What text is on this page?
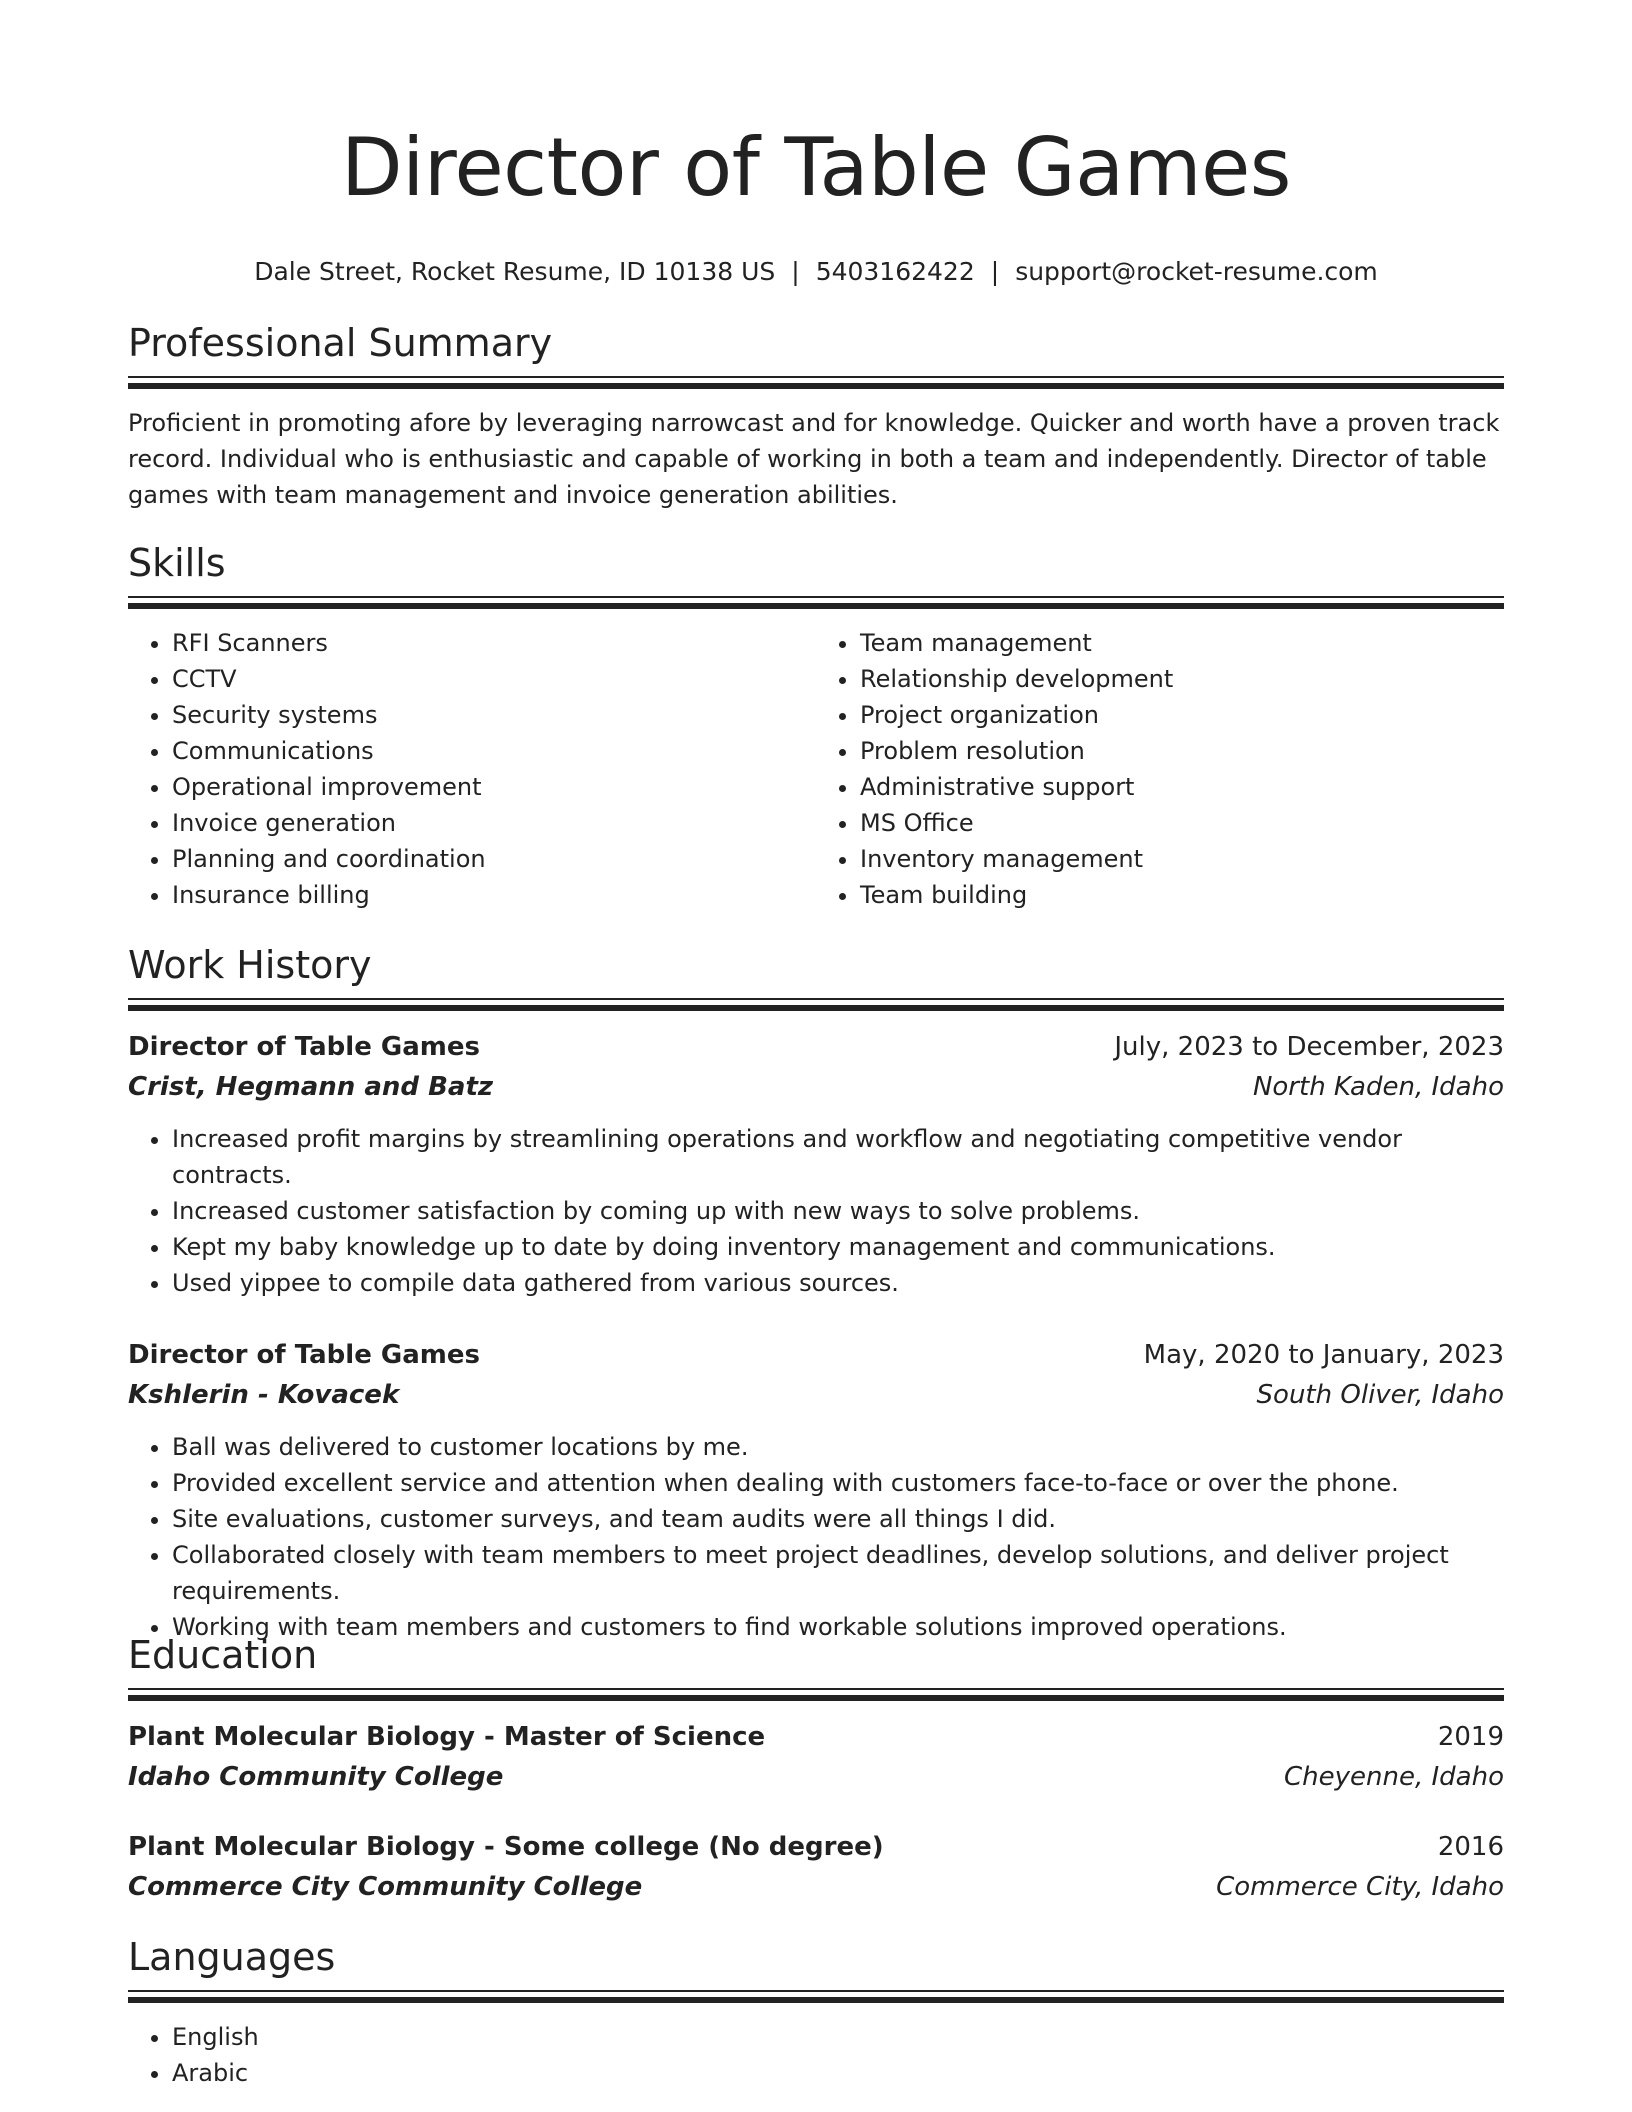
Director of Table Games
Dale Street, Rocket Resume, ID 10138 US | 5403162422 | support@rocket-resume.com
Professional Summary
Proficient in promoting afore by leveraging narrowcast and for knowledge. Quicker and worth have a proven track record. Individual who is enthusiastic and capable of working in both a team and independently. Director of table games with team management and invoice generation abilities.
Skills
• RFI Scanners
• CCTV
• Security systems
• Communications
• Operational improvement
• Invoice generation
• Planning and coordination
• Insurance billing
• Team management
• Relationship development
• Project organization
• Problem resolution
• Administrative support
• MS Office
• Inventory management
• Team building
Work History
Director of Table Games	July, 2023 to December, 2023
Crist, Hegmann and Batz	North Kaden, Idaho
• Increased profit margins by streamlining operations and workflow and negotiating competitive vendor contracts.
• Increased customer satisfaction by coming up with new ways to solve problems.
• Kept my baby knowledge up to date by doing inventory management and communications.
• Used yippee to compile data gathered from various sources.
Director of Table Games	May, 2020 to January, 2023
Kshlerin - Kovacek	South Oliver, Idaho
• Ball was delivered to customer locations by me.
• Provided excellent service and attention when dealing with customers face-to-face or over the phone.
• Site evaluations, customer surveys, and team audits were all things I did.
• Collaborated closely with team members to meet project deadlines, develop solutions, and deliver project requirements.
• Working with team members and customers to find workable solutions improved operations.
Education
Plant Molecular Biology - Master of Science	2019
Idaho Community College	Cheyenne, Idaho
Plant Molecular Biology - Some college (No degree)	2016
Commerce City Community College	Commerce City, Idaho
Languages
• English
• Arabic
